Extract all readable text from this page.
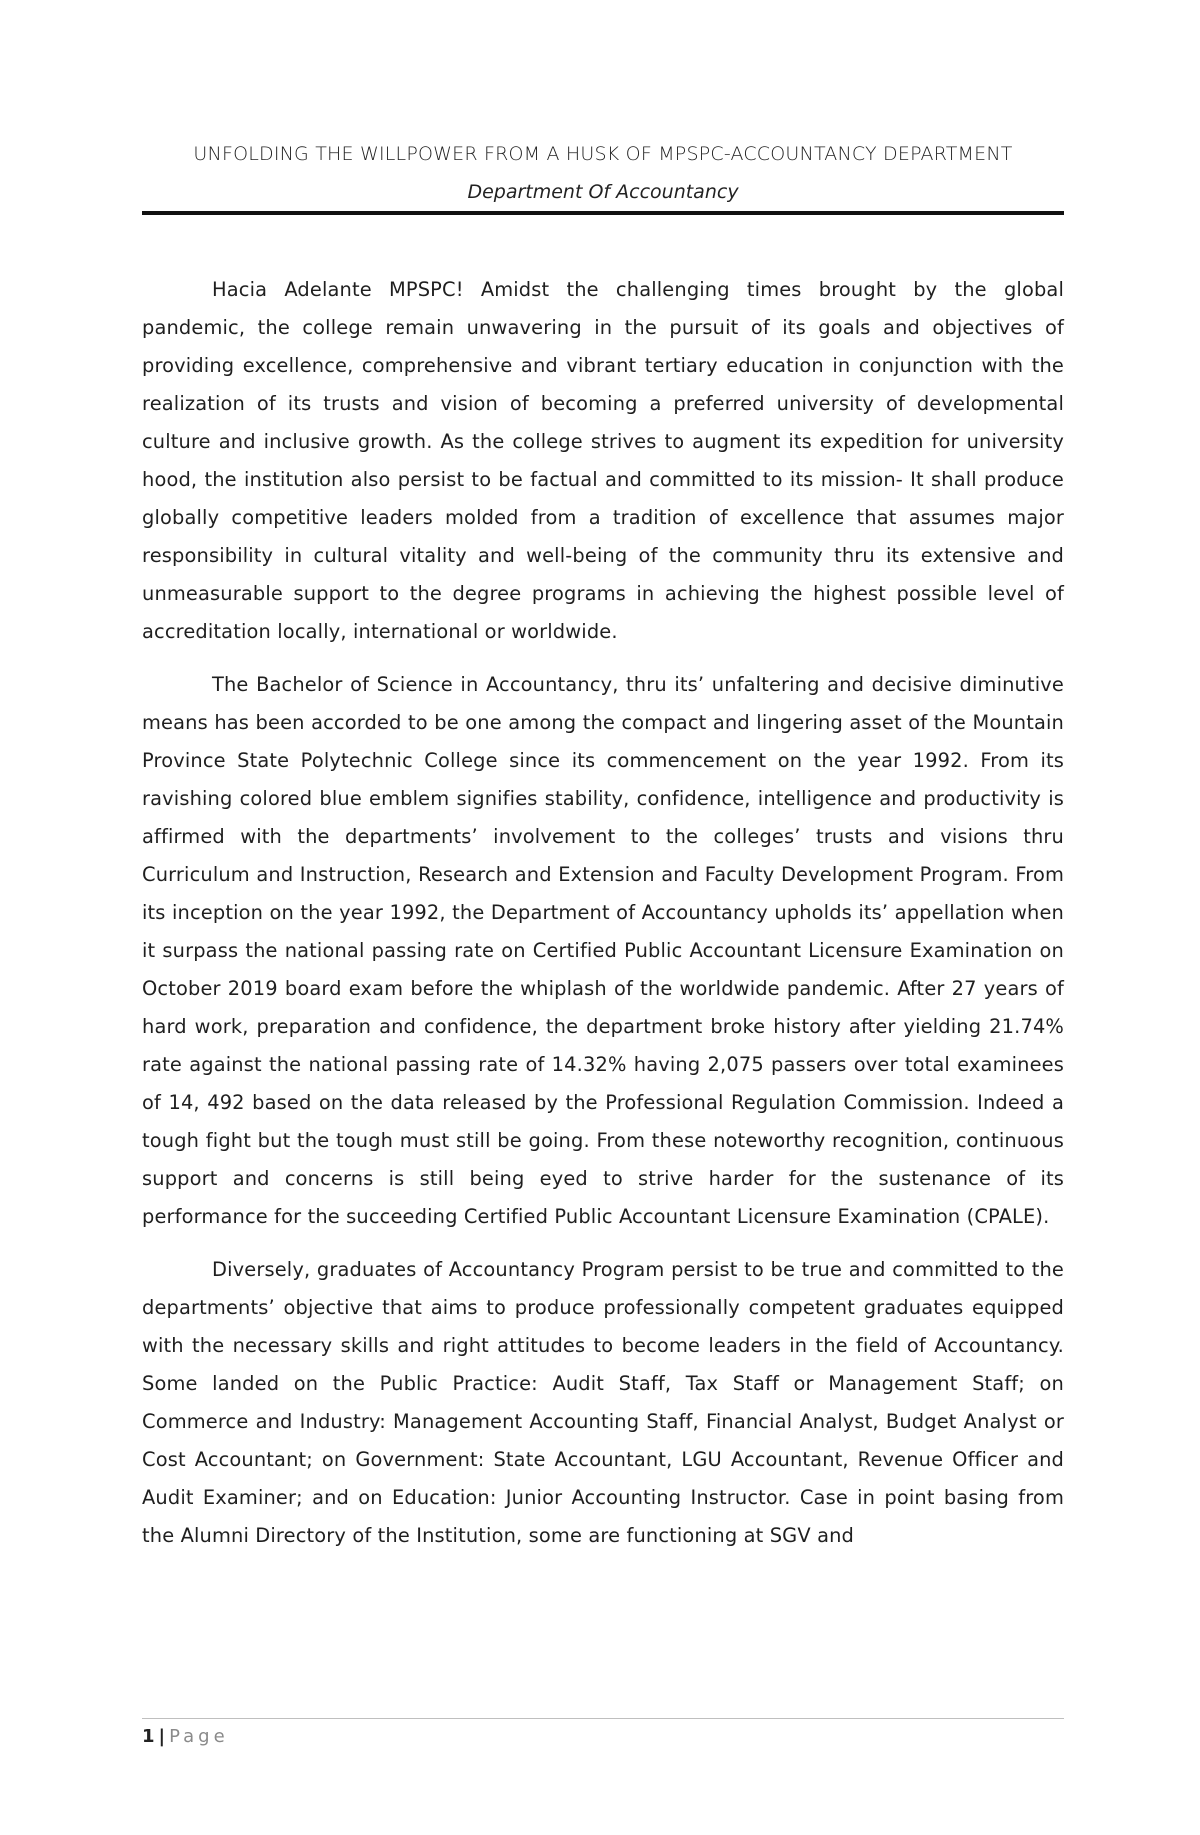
UNFOLDING THE WILLPOWER FROM A HUSK OF MPSPC-ACCOUNTANCY DEPARTMENT

Department Of Accountancy

Hacia Adelante MPSPC! Amidst the challenging times brought by the global pandemic, the college remain unwavering in the pursuit of its goals and objectives of providing excellence, comprehensive and vibrant tertiary education in conjunction with the realization of its trusts and vision of becoming a preferred university of developmental culture and inclusive growth. As the college strives to augment its expedition for university hood, the institution also persist to be factual and committed to its mission- It shall produce globally competitive leaders molded from a tradition of excellence that assumes major responsibility in cultural vitality and well-being of the community thru its extensive and unmeasurable support to the degree programs in achieving the highest possible level of accreditation locally, international or worldwide.

The Bachelor of Science in Accountancy, thru its’ unfaltering and decisive diminutive means has been accorded to be one among the compact and lingering asset of the Mountain Province State Polytechnic College since its commencement on the year 1992. From its ravishing colored blue emblem signifies stability, confidence, intelligence and productivity is affirmed with the departments’ involvement to the colleges’ trusts and visions thru Curriculum and Instruction, Research and Extension and Faculty Development Program. From its inception on the year 1992, the Department of Accountancy upholds its’ appellation when it surpass the national passing rate on Certified Public Accountant Licensure Examination on October 2019 board exam before the whiplash of the worldwide pandemic. After 27 years of hard work, preparation and confidence, the department broke history after yielding 21.74% rate against the national passing rate of 14.32% having 2,075 passers over total examinees of 14, 492 based on the data released by the Professional Regulation Commission. Indeed a tough fight but the tough must still be going. From these noteworthy recognition, continuous support and concerns is still being eyed to strive harder for the sustenance of its performance for the succeeding Certified Public Accountant Licensure Examination (CPALE).

Diversely, graduates of Accountancy Program persist to be true and committed to the departments’ objective that aims to produce professionally competent graduates equipped with the necessary skills and right attitudes to become leaders in the field of Accountancy. Some landed on the Public Practice: Audit Staff, Tax Staff or Management Staff; on Commerce and Industry: Management Accounting Staff, Financial Analyst, Budget Analyst or Cost Accountant; on Government: State Accountant, LGU Accountant, Revenue Officer and Audit Examiner; and on Education: Junior Accounting Instructor. Case in point basing from the Alumni Directory of the Institution, some are functioning at SGV and

1 | Page
